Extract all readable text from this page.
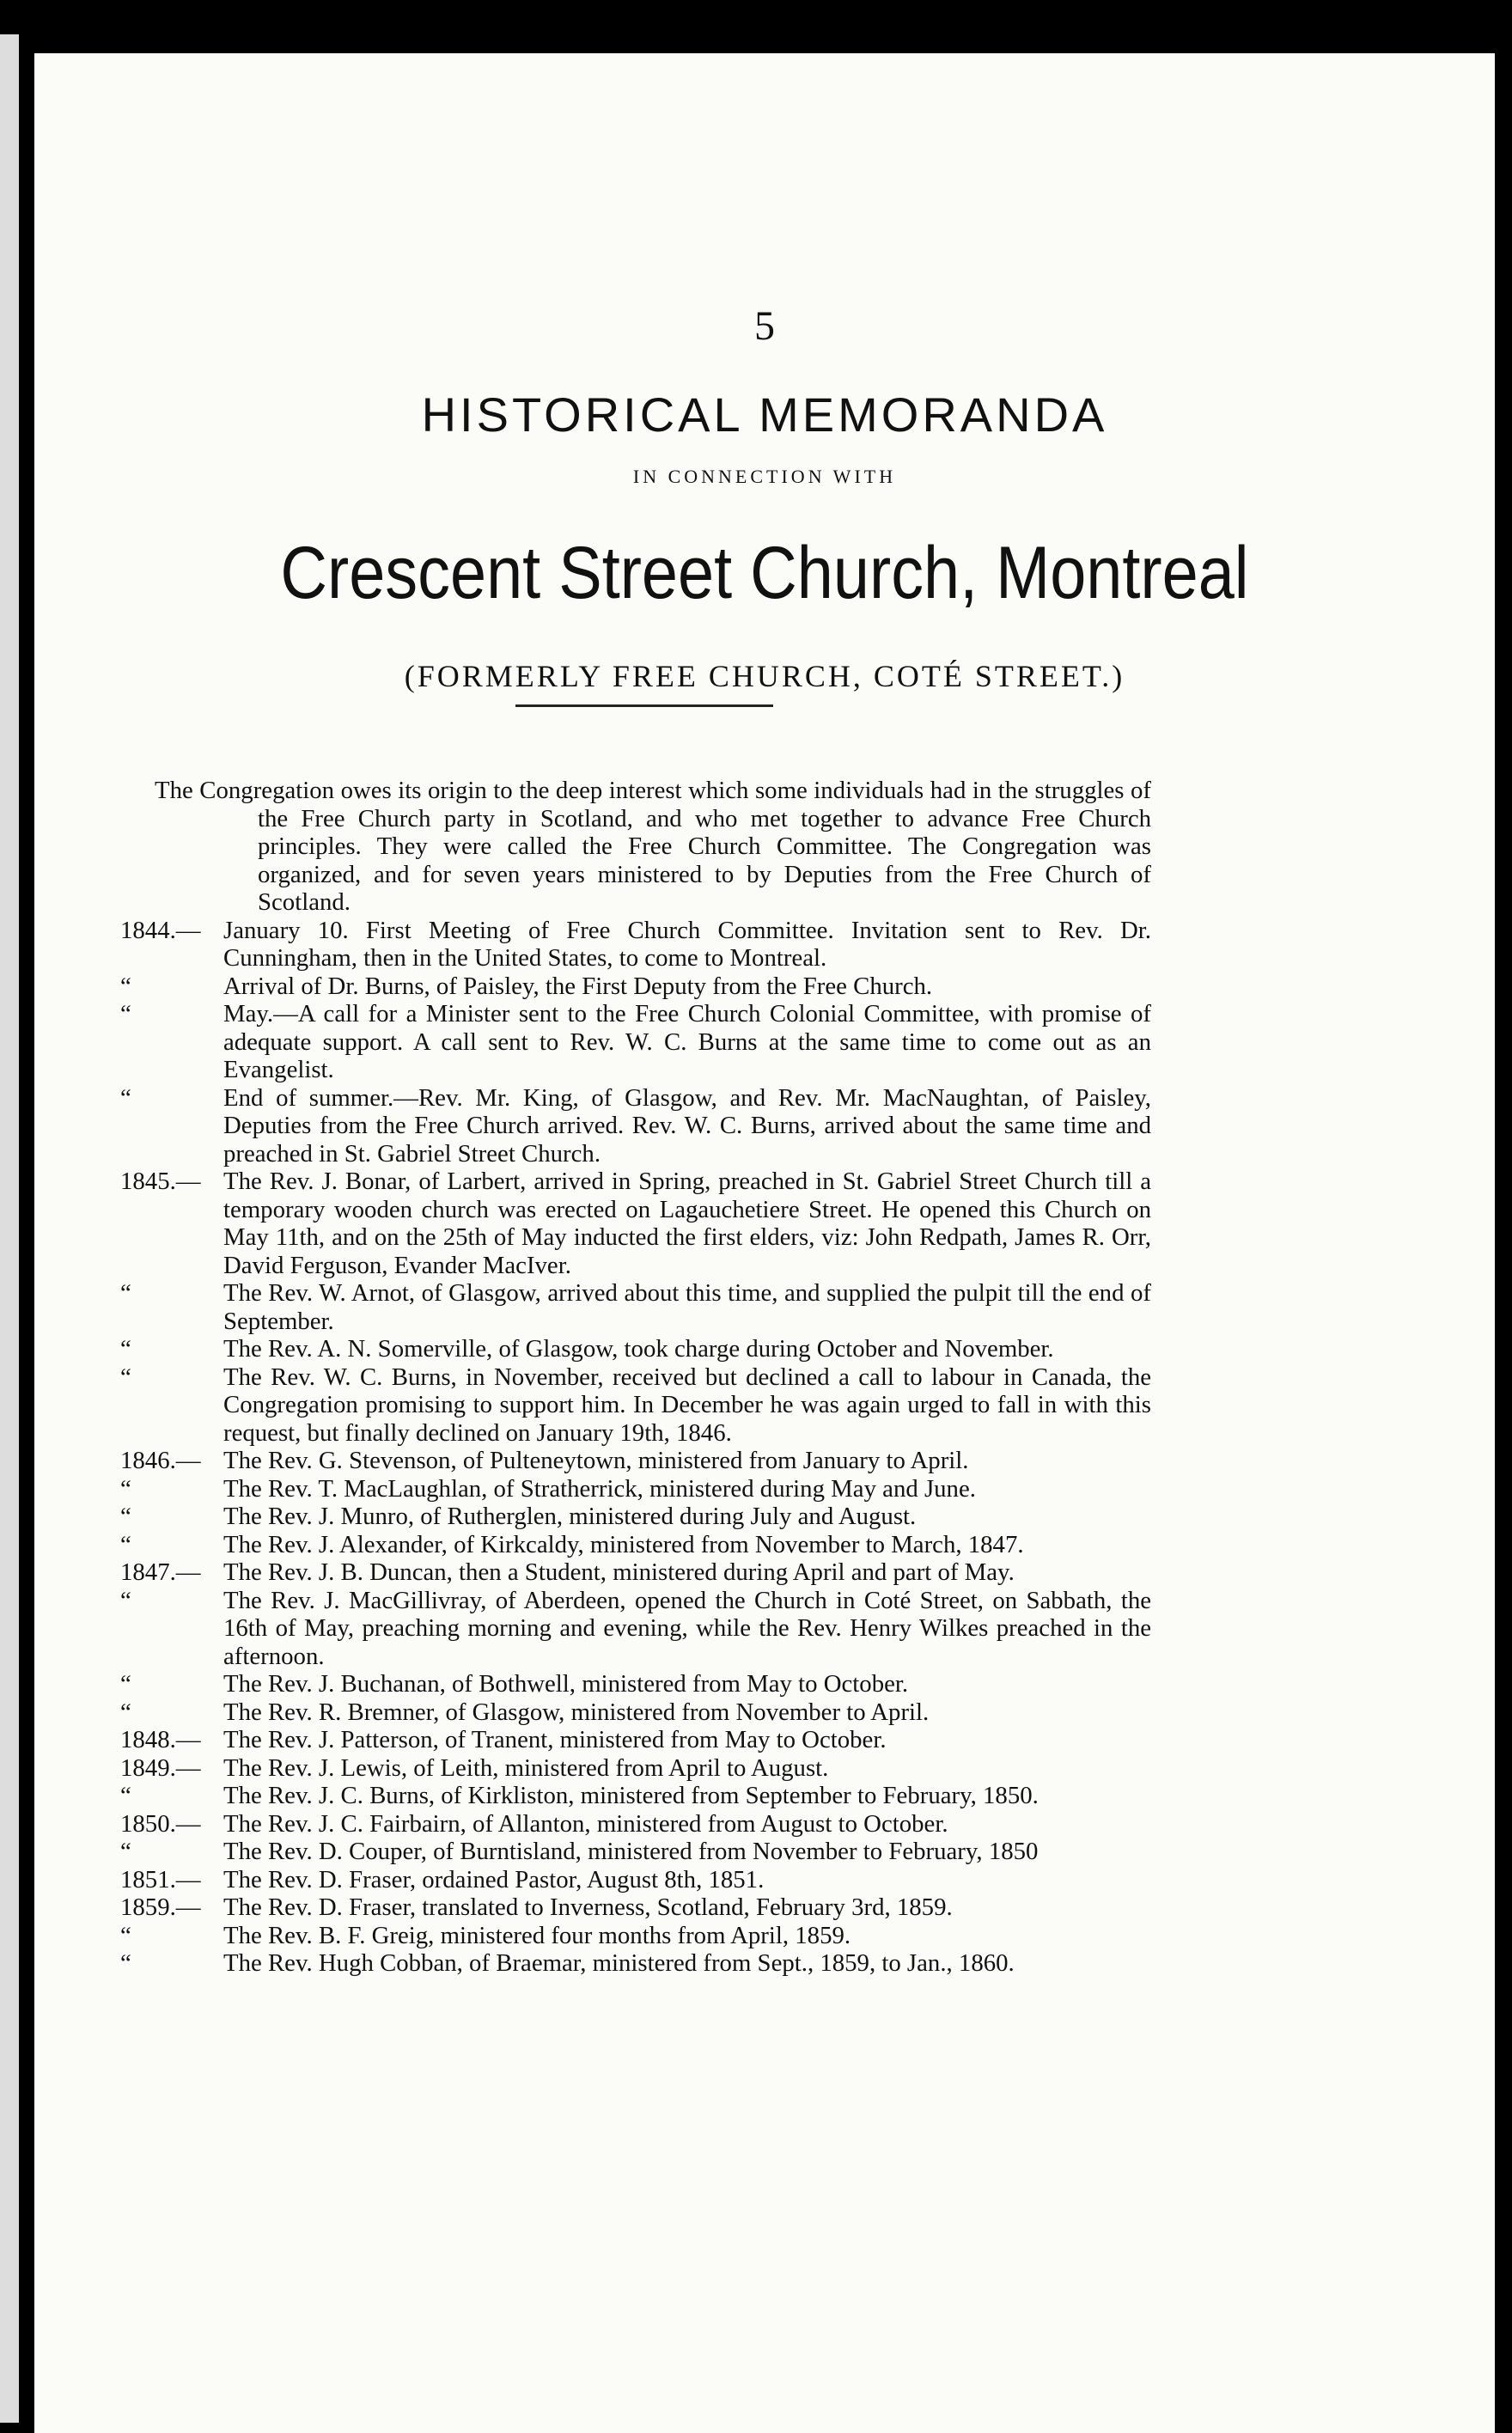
5
HISTORICAL MEMORANDA
IN CONNECTION WITH
Crescent Street Church, Montreal
(FORMERLY FREE CHURCH, COTÉ STREET.)

The Congregation owes its origin to the deep interest which some individuals had in the struggles of the Free Church party in Scotland, and who met together to advance Free Church principles. They were called the Free Church Committee. The Congregation was organized, and for seven years ministered to by Deputies from the Free Church of Scotland.

1844.— January 10. First Meeting of Free Church Committee. Invitation sent to Rev. Dr. Cunningham, then in the United States, to come to Montreal.

“	Arrival of Dr. Burns, of Paisley, the First Deputy from the Free Church.

“	May.—A call for a Minister sent to the Free Church Colonial Committee, with promise of adequate support. A call sent to Rev. W. C. Burns at the same time to come out as an Evangelist.

“	End of summer.—Rev. Mr. King, of Glasgow, and Rev. Mr. MacNaughtan, of Paisley, Deputies from the Free Church arrived. Rev. W. C. Burns, arrived about the same time and preached in St. Gabriel Street Church.

1845.— The Rev. J. Bonar, of Larbert, arrived in Spring, preached in St. Gabriel Street Church till a temporary wooden church was erected on Lagauchetiere Street. He opened this Church on May 11th, and on the 25th of May inducted the first elders, viz: John Redpath, James R. Orr, David Ferguson, Evander MacIver.

“	The Rev. W. Arnot, of Glasgow, arrived about this time, and supplied the pulpit till the end of September.

“	The Rev. A. N. Somerville, of Glasgow, took charge during October and November.

“	The Rev. W. C. Burns, in November, received but declined a call to labour in Canada, the Congregation promising to support him. In December he was again urged to fall in with this request, but finally declined on January 19th, 1846.

1846.— The Rev. G. Stevenson, of Pulteneytown, ministered from January to April.

“	The Rev. T. MacLaughlan, of Stratherrick, ministered during May and June.

“	The Rev. J. Munro, of Rutherglen, ministered during July and August.

“	The Rev. J. Alexander, of Kirkcaldy, ministered from November to March, 1847.

1847.— The Rev. J. B. Duncan, then a Student, ministered during April and part of May.

“	The Rev. J. MacGillivray, of Aberdeen, opened the Church in Coté Street, on Sabbath, the 16th of May, preaching morning and evening, while the Rev. Henry Wilkes preached in the afternoon.

“	The Rev. J. Buchanan, of Bothwell, ministered from May to October.

“	The Rev. R. Bremner, of Glasgow, ministered from November to April.

1848.— The Rev. J. Patterson, of Tranent, ministered from May to October.

1849.— The Rev. J. Lewis, of Leith, ministered from April to August.

“	The Rev. J. C. Burns, of Kirkliston, ministered from September to February, 1850.

1850.— The Rev. J. C. Fairbairn, of Allanton, ministered from August to October.

“	The Rev. D. Couper, of Burntisland, ministered from November to February, 1850

1851.— The Rev. D. Fraser, ordained Pastor, August 8th, 1851.

1859.— The Rev. D. Fraser, translated to Inverness, Scotland, February 3rd, 1859.

“	The Rev. B. F. Greig, ministered four months from April, 1859.

“	The Rev. Hugh Cobban, of Braemar, ministered from Sept., 1859, to Jan., 1860.
